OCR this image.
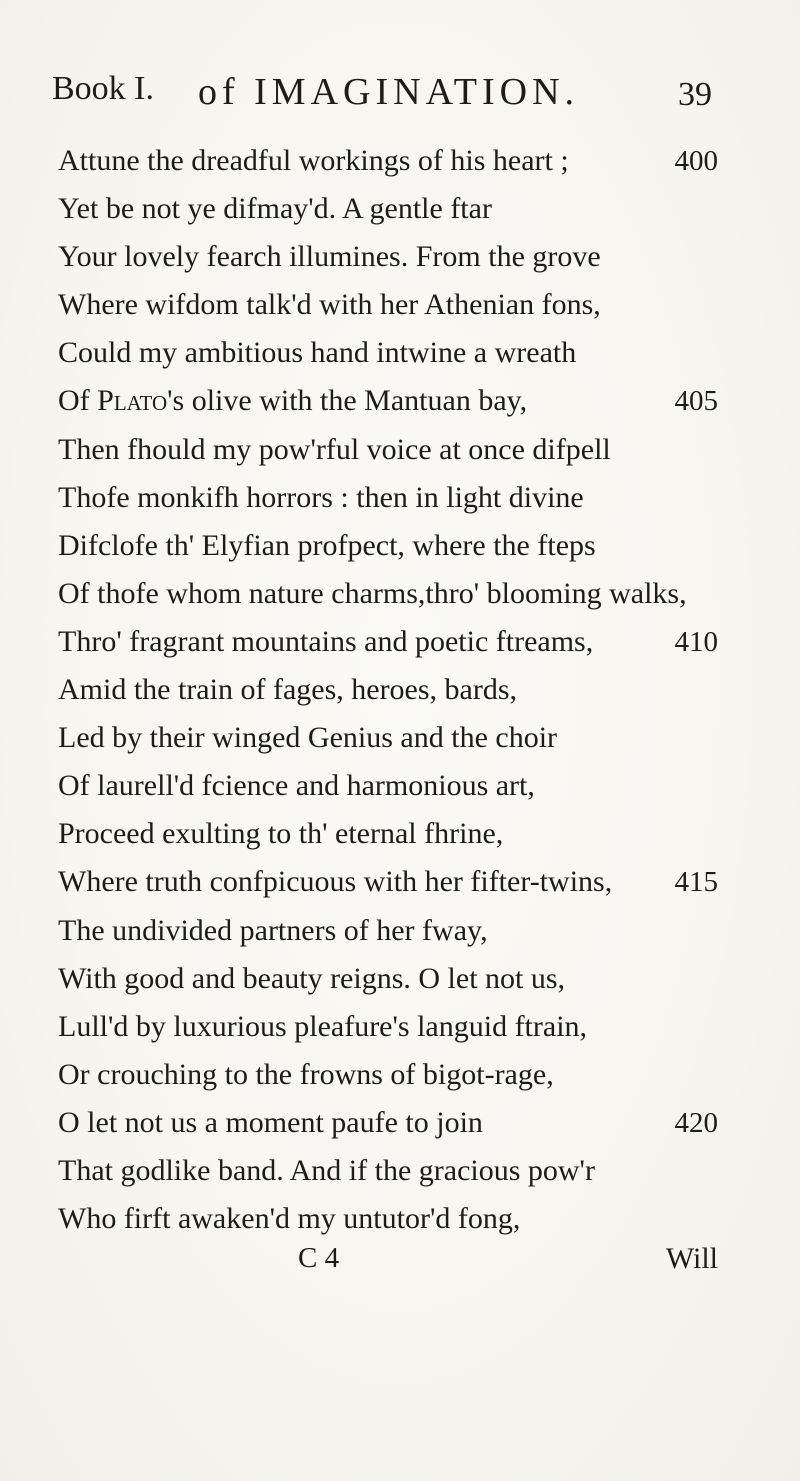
Book I. of IMAGINATION.	39
Attune the dreadful workings of his heart ;	400
Yet be not ye difmay'd. A gentle ftar
Your lovely fearch illumines. From the grove
Where wifdom talk'd with her Athenian fons,
Could my ambitious hand intwine a wreath
Of Plato's olive with the Mantuan bay,	405
Then fhould my pow'rful voice at once difpell
Thofe monkifh horrors : then in light divine
Difclofe th' Elyfian profpect, where the fteps
Of thofe whom nature charms,thro' blooming walks,
Thro' fragrant mountains and poetic ftreams,	410
Amid the train of fages, heroes, bards,
Led by their winged Genius and the choir
Of laurell'd fcience and harmonious art,
Proceed exulting to th' eternal fhrine,
Where truth confpicuous with her fifter-twins, 415
The undivided partners of her fway,
With good and beauty reigns. O let not us,
Lull'd by luxurious pleafure's languid ftrain,
Or crouching to the frowns of bigot-rage,
O let not us a moment paufe to join	420
That godlike band. And if the gracious pow'r
Who firft awaken'd my untutor'd fong,
C 4	Will
